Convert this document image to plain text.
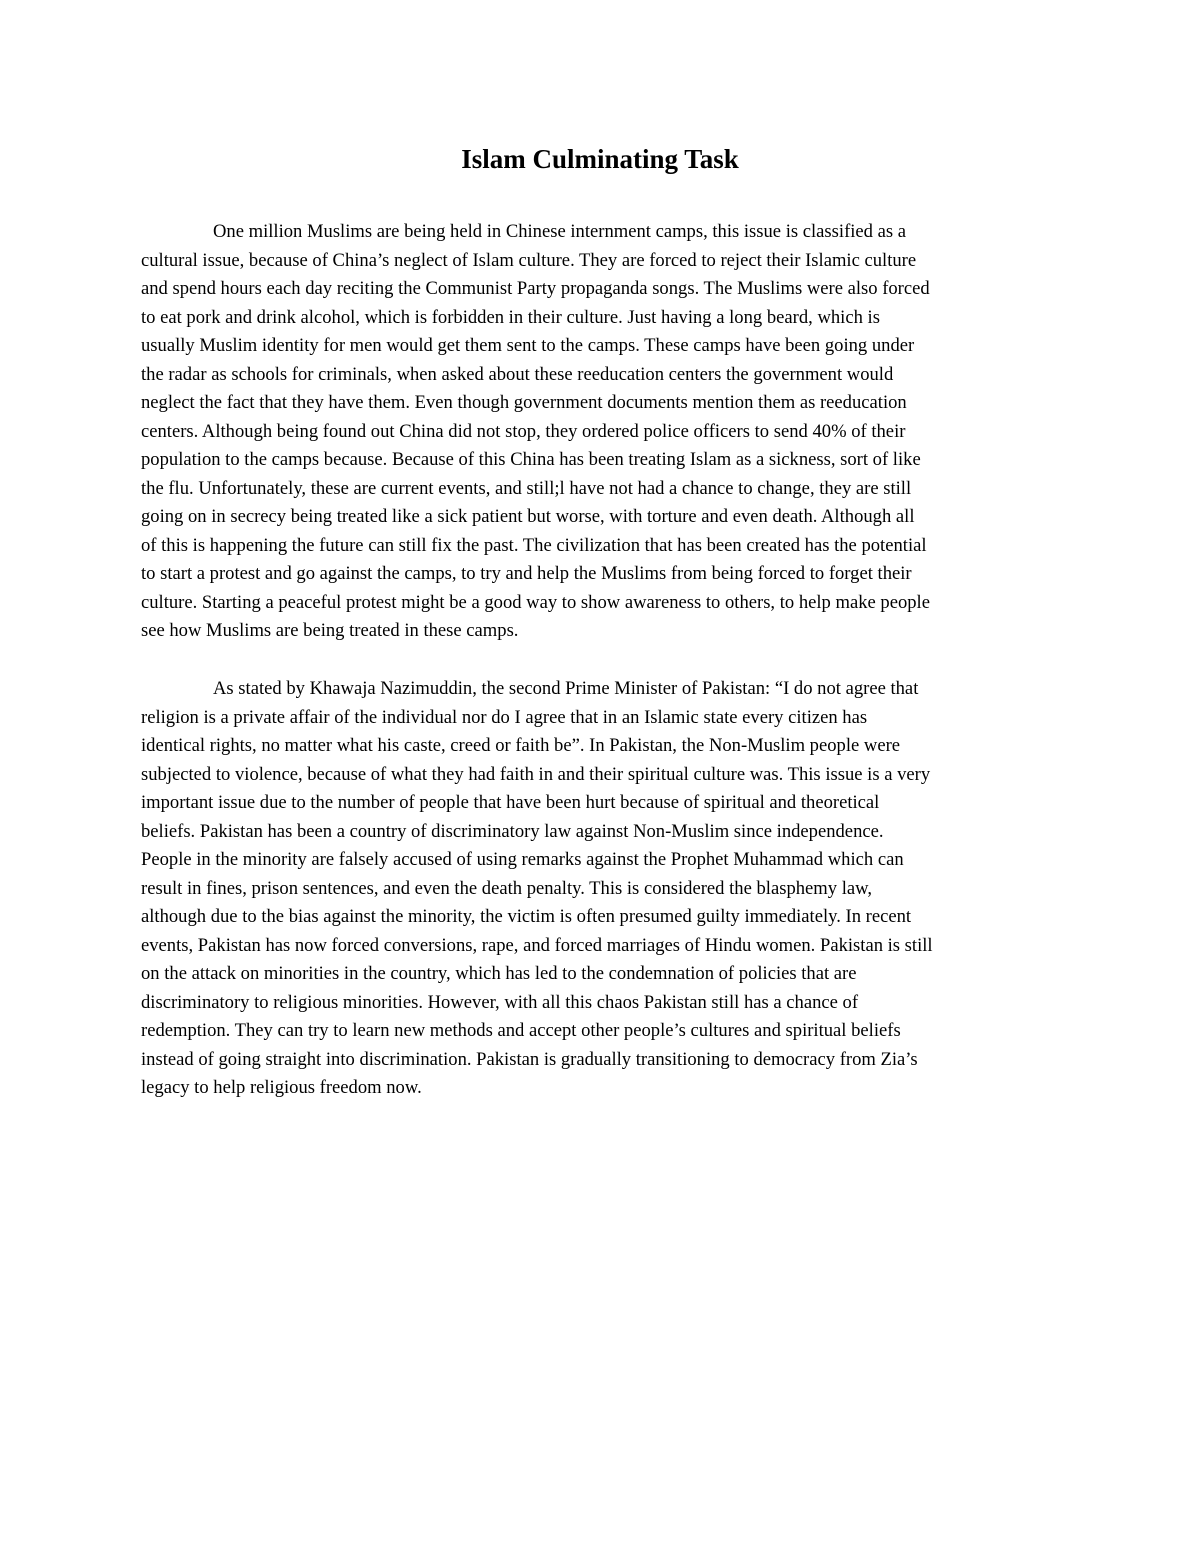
Islam Culminating Task
One million Muslims are being held in Chinese internment camps, this issue is classified as a
cultural issue, because of China’s neglect of Islam culture. They are forced to reject their Islamic culture
and spend hours each day reciting the Communist Party propaganda songs. The Muslims were also forced
to eat pork and drink alcohol, which is forbidden in their culture. Just having a long beard, which is
usually Muslim identity for men would get them sent to the camps. These camps have been going under
the radar as schools for criminals, when asked about these reeducation centers the government would
neglect the fact that they have them. Even though government documents mention them as reeducation
centers. Although being found out China did not stop, they ordered police officers to send 40% of their
population to the camps because. Because of this China has been treating Islam as a sickness, sort of like
the flu. Unfortunately, these are current events, and still;l have not had a chance to change, they are still
going on in secrecy being treated like a sick patient but worse, with torture and even death. Although all
of this is happening the future can still fix the past. The civilization that has been created has the potential
to start a protest and go against the camps, to try and help the Muslims from being forced to forget their
culture. Starting a peaceful protest might be a good way to show awareness to others, to help make people
see how Muslims are being treated in these camps.
As stated by Khawaja Nazimuddin, the second Prime Minister of Pakistan: “I do not agree that
religion is a private affair of the individual nor do I agree that in an Islamic state every citizen has
identical rights, no matter what his caste, creed or faith be”. In Pakistan, the Non-Muslim people were
subjected to violence, because of what they had faith in and their spiritual culture was. This issue is a very
important issue due to the number of people that have been hurt because of spiritual and theoretical
beliefs. Pakistan has been a country of discriminatory law against Non-Muslim since independence.
People in the minority are falsely accused of using remarks against the Prophet Muhammad which can
result in fines, prison sentences, and even the death penalty. This is considered the blasphemy law,
although due to the bias against the minority, the victim is often presumed guilty immediately. In recent
events, Pakistan has now forced conversions, rape, and forced marriages of Hindu women. Pakistan is still
on the attack on minorities in the country, which has led to the condemnation of policies that are
discriminatory to religious minorities. However, with all this chaos Pakistan still has a chance of
redemption. They can try to learn new methods and accept other people’s cultures and spiritual beliefs
instead of going straight into discrimination. Pakistan is gradually transitioning to democracy from Zia’s
legacy to help religious freedom now.
